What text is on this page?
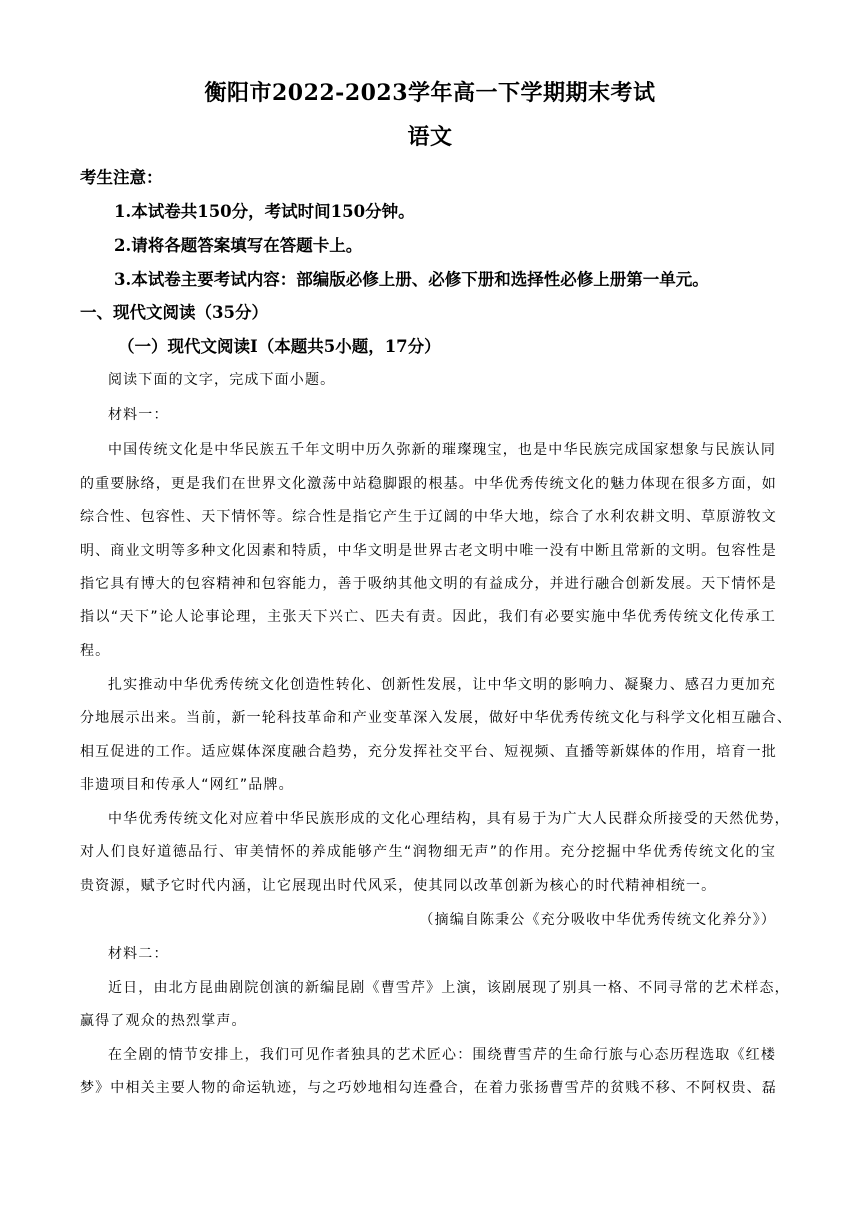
衡阳市2022-2023学年高一下学期期末考试
语文
考生注意：
1.本试卷共150分，考试时间150分钟。
2.请将各题答案填写在答题卡上。
3.本试卷主要考试内容：部编版必修上册、必修下册和选择性必修上册第一单元。
一、现代文阅读（35分）
（一）现代文阅读Ⅰ（本题共5小题，17分）
阅读下面的文字，完成下面小题。
材料一：
中国传统文化是中华民族五千年文明中历久弥新的璀璨瑰宝，也是中华民族完成国家想象与民族认同
的重要脉络，更是我们在世界文化激荡中站稳脚跟的根基。中华优秀传统文化的魅力体现在很多方面，如
综合性、包容性、天下情怀等。综合性是指它产生于辽阔的中华大地，综合了水利农耕文明、草原游牧文
明、商业文明等多种文化因素和特质，中华文明是世界古老文明中唯一没有中断且常新的文明。包容性是
指它具有博大的包容精神和包容能力，善于吸纳其他文明的有益成分，并进行融合创新发展。天下情怀是
指以“天下”论人论事论理，主张天下兴亡、匹夫有责。因此，我们有必要实施中华优秀传统文化传承工
程。
扎实推动中华优秀传统文化创造性转化、创新性发展，让中华文明的影响力、凝聚力、感召力更加充
分地展示出来。当前，新一轮科技革命和产业变革深入发展，做好中华优秀传统文化与科学文化相互融合、
相互促进的工作。适应媒体深度融合趋势，充分发挥社交平台、短视频、直播等新媒体的作用，培育一批
非遗项目和传承人“网红”品牌。
中华优秀传统文化对应着中华民族形成的文化心理结构，具有易于为广大人民群众所接受的天然优势，
对人们良好道德品行、审美情怀的养成能够产生“润物细无声”的作用。充分挖掘中华优秀传统文化的宝
贵资源，赋予它时代内涵，让它展现出时代风采，使其同以改革创新为核心的时代精神相统一。
（摘编自陈秉公《充分吸收中华优秀传统文化养分》）
材料二：
近日，由北方昆曲剧院创演的新编昆剧《曹雪芹》上演，该剧展现了别具一格、不同寻常的艺术样态，
赢得了观众的热烈掌声。
在全剧的情节安排上，我们可见作者独具的艺术匠心：围绕曹雪芹的生命行旅与心态历程选取《红楼
梦》中相关主要人物的命运轨迹，与之巧妙地相勾连叠合，在着力张扬曹雪芹的贫贱不移、不阿权贵、磊
